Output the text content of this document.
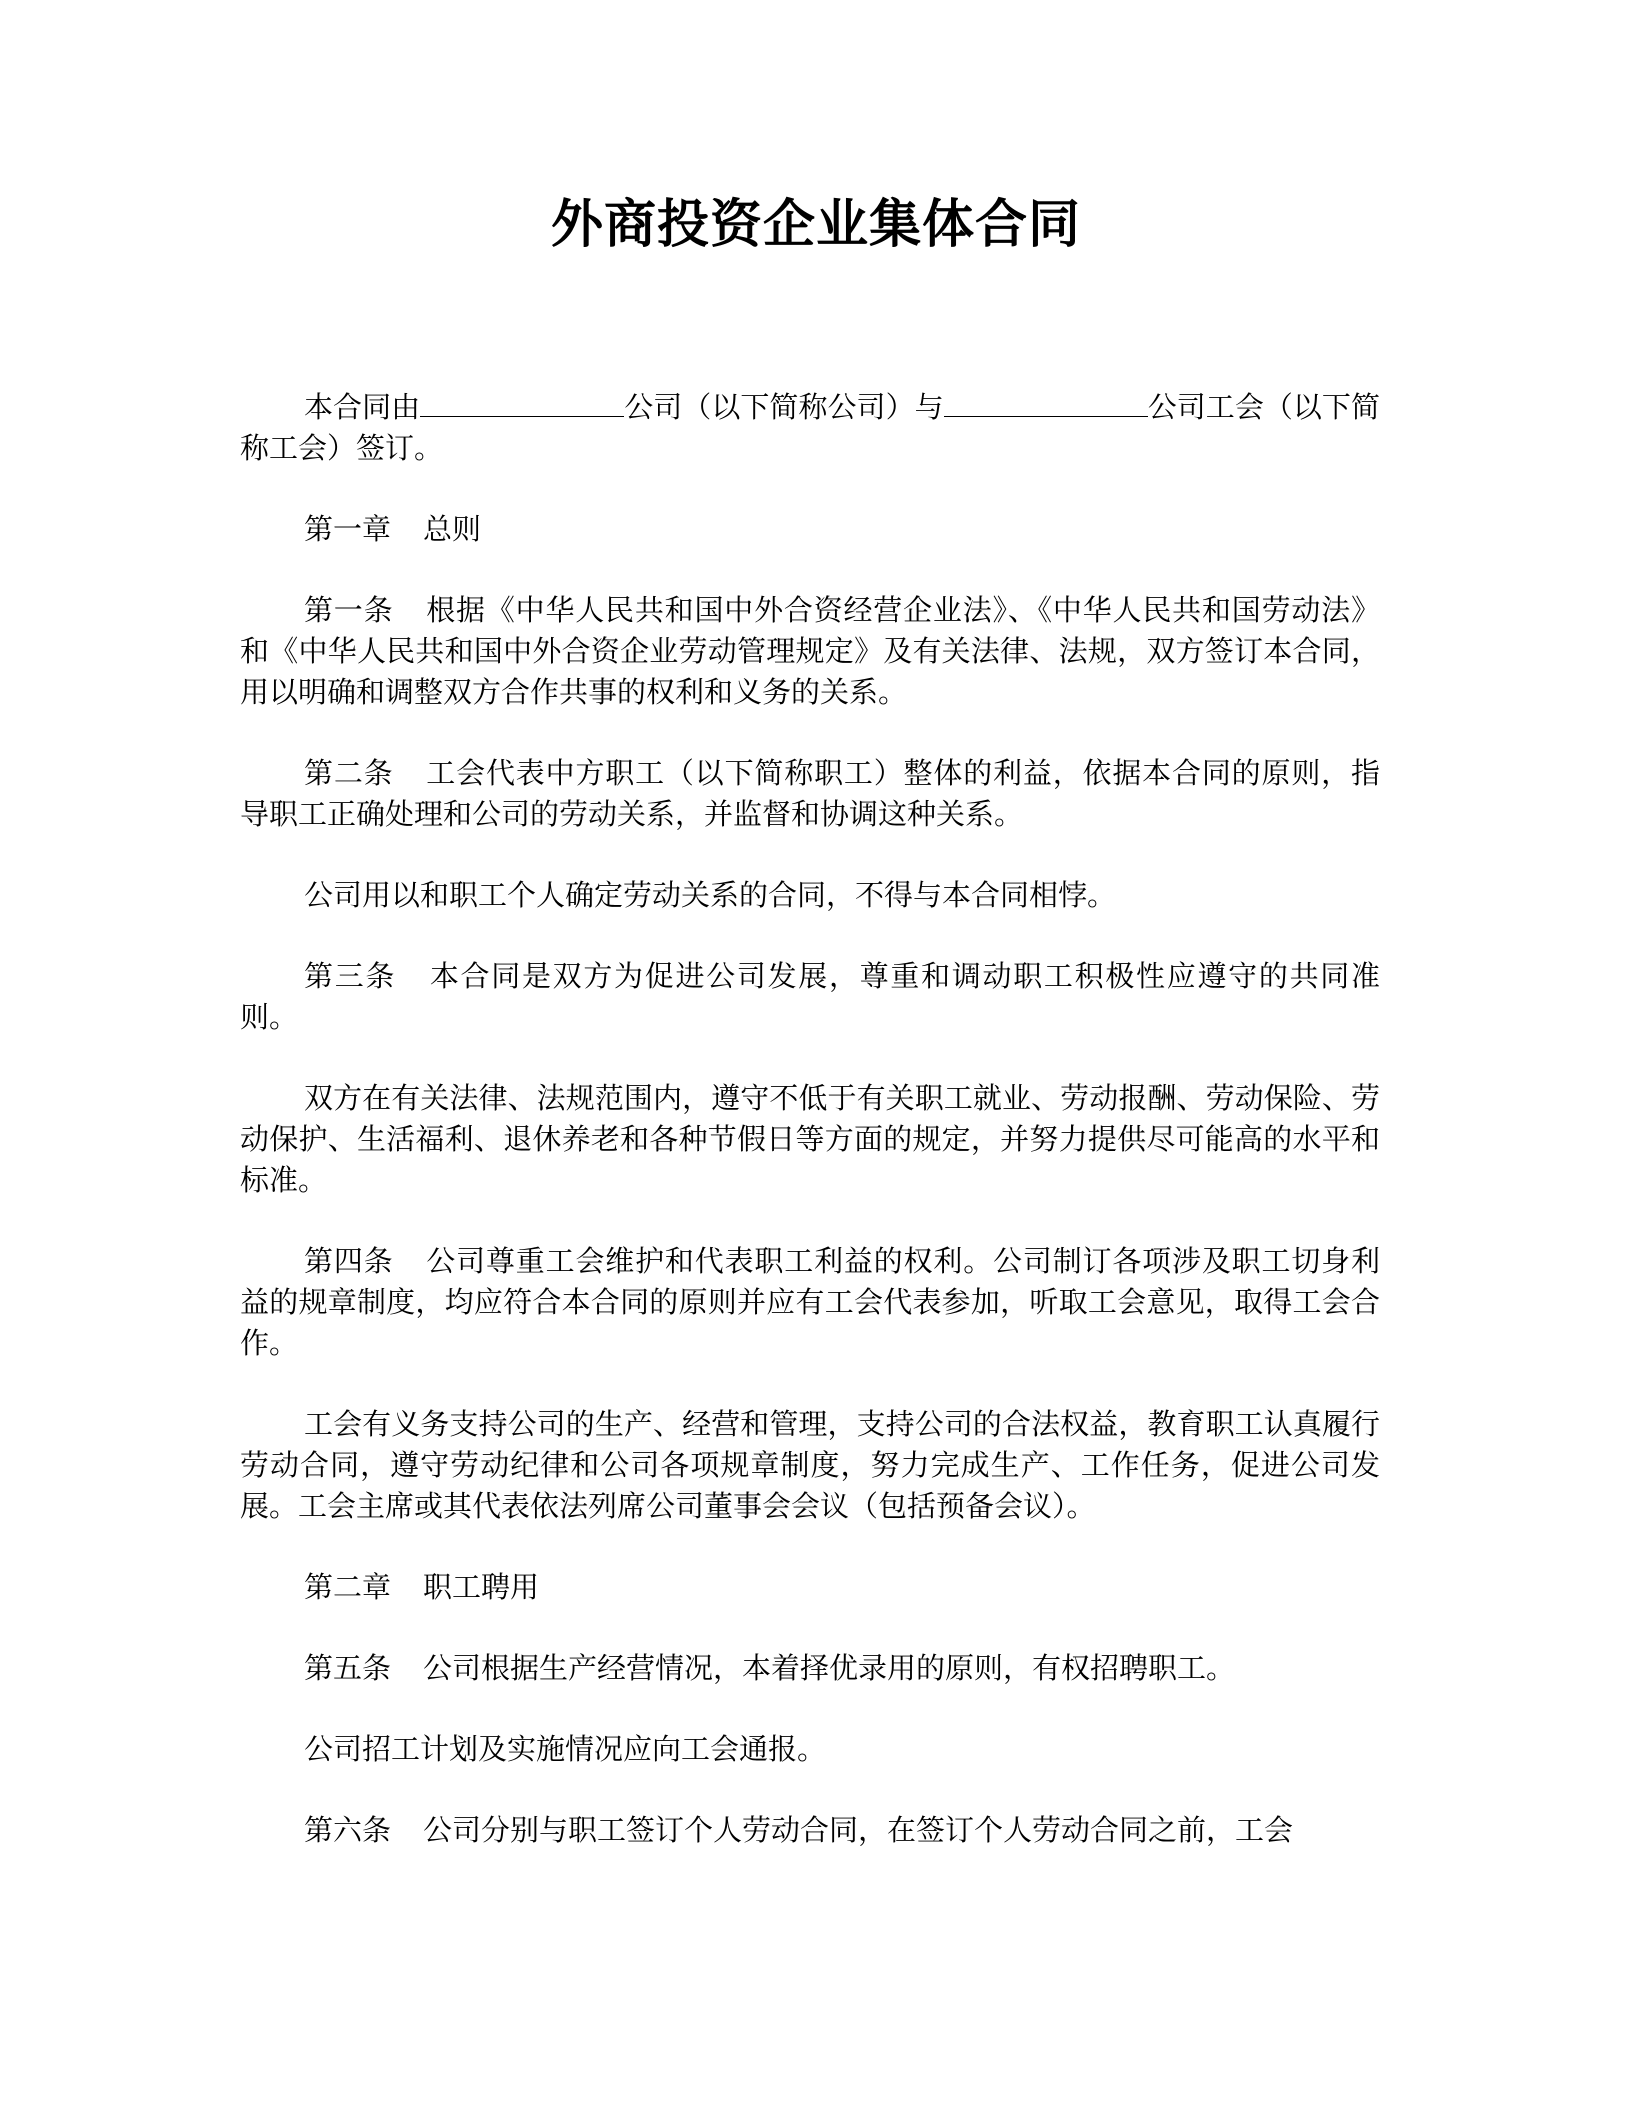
外商投资企业集体合同

本合同由	公司（以下简称公司）与	公司工会（以下简称工会）签订。

第一章 总则

第一条 根据《中华人民共和国中外合资经营企业法》、《中华人民共和国劳动法》和《中华人民共和国中外合资企业劳动管理规定》及有关法律、法规，双方签订本合同，用以明确和调整双方合作共事的权利和义务的关系。

第二条 工会代表中方职工（以下简称职工）整体的利益，依据本合同的原则，指导职工正确处理和公司的劳动关系，并监督和协调这种关系。

公司用以和职工个人确定劳动关系的合同，不得与本合同相悖。

第三条 本合同是双方为促进公司发展，尊重和调动职工积极性应遵守的共同准则。

双方在有关法律、法规范围内，遵守不低于有关职工就业、劳动报酬、劳动保险、劳动保护、生活福利、退休养老和各种节假日等方面的规定，并努力提供尽可能高的水平和标准。

第四条 公司尊重工会维护和代表职工利益的权利。公司制订各项涉及职工切身利益的规章制度，均应符合本合同的原则并应有工会代表参加，听取工会意见，取得工会合作。

工会有义务支持公司的生产、经营和管理，支持公司的合法权益，教育职工认真履行劳动合同，遵守劳动纪律和公司各项规章制度，努力完成生产、工作任务，促进公司发展。工会主席或其代表依法列席公司董事会会议（包括预备会议）。

第二章 职工聘用

第五条 公司根据生产经营情况，本着择优录用的原则，有权招聘职工。

公司招工计划及实施情况应向工会通报。

第六条 公司分别与职工签订个人劳动合同，在签订个人劳动合同之前，工会
